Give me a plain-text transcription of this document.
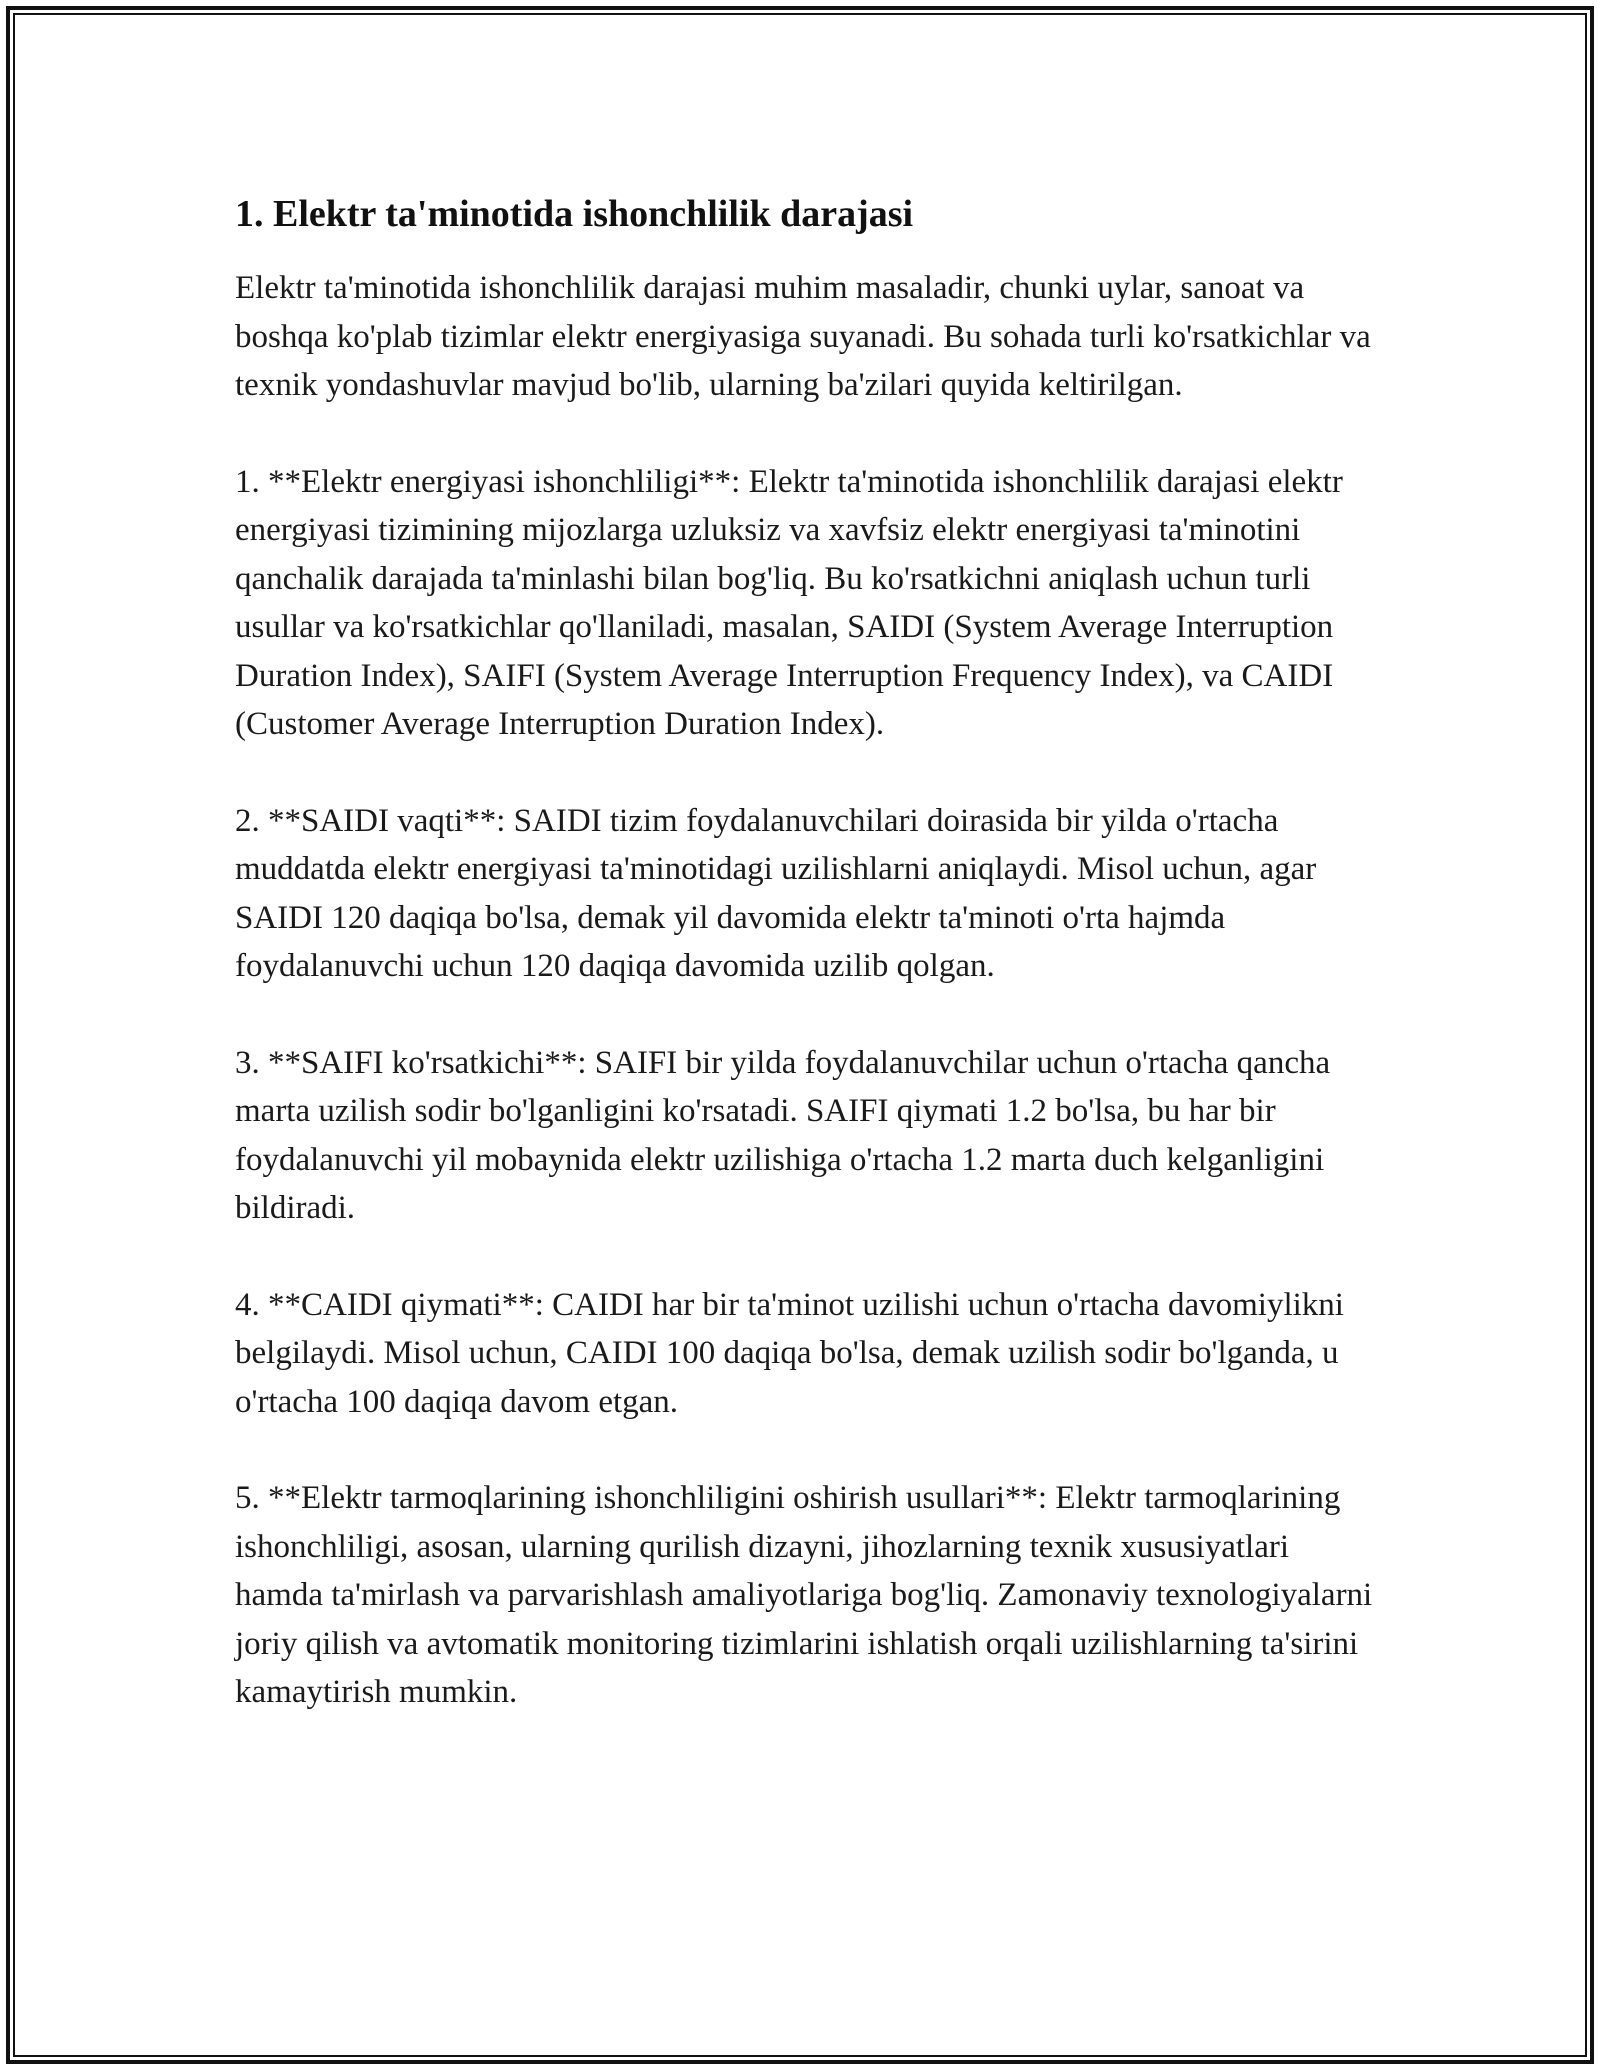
1. Elektr ta'minotida ishonchlilik darajasi

Elektr ta'minotida ishonchlilik darajasi muhim masaladir, chunki uylar, sanoat va boshqa ko'plab tizimlar elektr energiyasiga suyanadi. Bu sohada turli ko'rsatkichlar va texnik yondashuvlar mavjud bo'lib, ularning ba'zilari quyida keltirilgan.

1. **Elektr energiyasi ishonchliligi**: Elektr ta'minotida ishonchlilik darajasi elektr energiyasi tizimining mijozlarga uzluksiz va xavfsiz elektr energiyasi ta'minotini qanchalik darajada ta'minlashi bilan bog'liq. Bu ko'rsatkichni aniqlash uchun turli usullar va ko'rsatkichlar qo'llaniladi, masalan, SAIDI (System Average Interruption Duration Index), SAIFI (System Average Interruption Frequency Index), va CAIDI (Customer Average Interruption Duration Index).

2. **SAIDI vaqti**: SAIDI tizim foydalanuvchilari doirasida bir yilda o'rtacha muddatda elektr energiyasi ta'minotidagi uzilishlarni aniqlaydi. Misol uchun, agar SAIDI 120 daqiqa bo'lsa, demak yil davomida elektr ta'minoti o'rta hajmda foydalanuvchi uchun 120 daqiqa davomida uzilib qolgan.

3. **SAIFI ko'rsatkichi**: SAIFI bir yilda foydalanuvchilar uchun o'rtacha qancha marta uzilish sodir bo'lganligini ko'rsatadi. SAIFI qiymati 1.2 bo'lsa, bu har bir foydalanuvchi yil mobaynida elektr uzilishiga o'rtacha 1.2 marta duch kelganligini bildiradi.

4. **CAIDI qiymati**: CAIDI har bir ta'minot uzilishi uchun o'rtacha davomiylikni belgilaydi. Misol uchun, CAIDI 100 daqiqa bo'lsa, demak uzilish sodir bo'lganda, u o'rtacha 100 daqiqa davom etgan.

5. **Elektr tarmoqlarining ishonchliligini oshirish usullari**: Elektr tarmoqlarining ishonchliligi, asosan, ularning qurilish dizayni, jihozlarning texnik xususiyatlari hamda ta'mirlash va parvarishlash amaliyotlariga bog'liq. Zamonaviy texnologiyalarni joriy qilish va avtomatik monitoring tizimlarini ishlatish orqali uzilishlarning ta'sirini kamaytirish mumkin.
